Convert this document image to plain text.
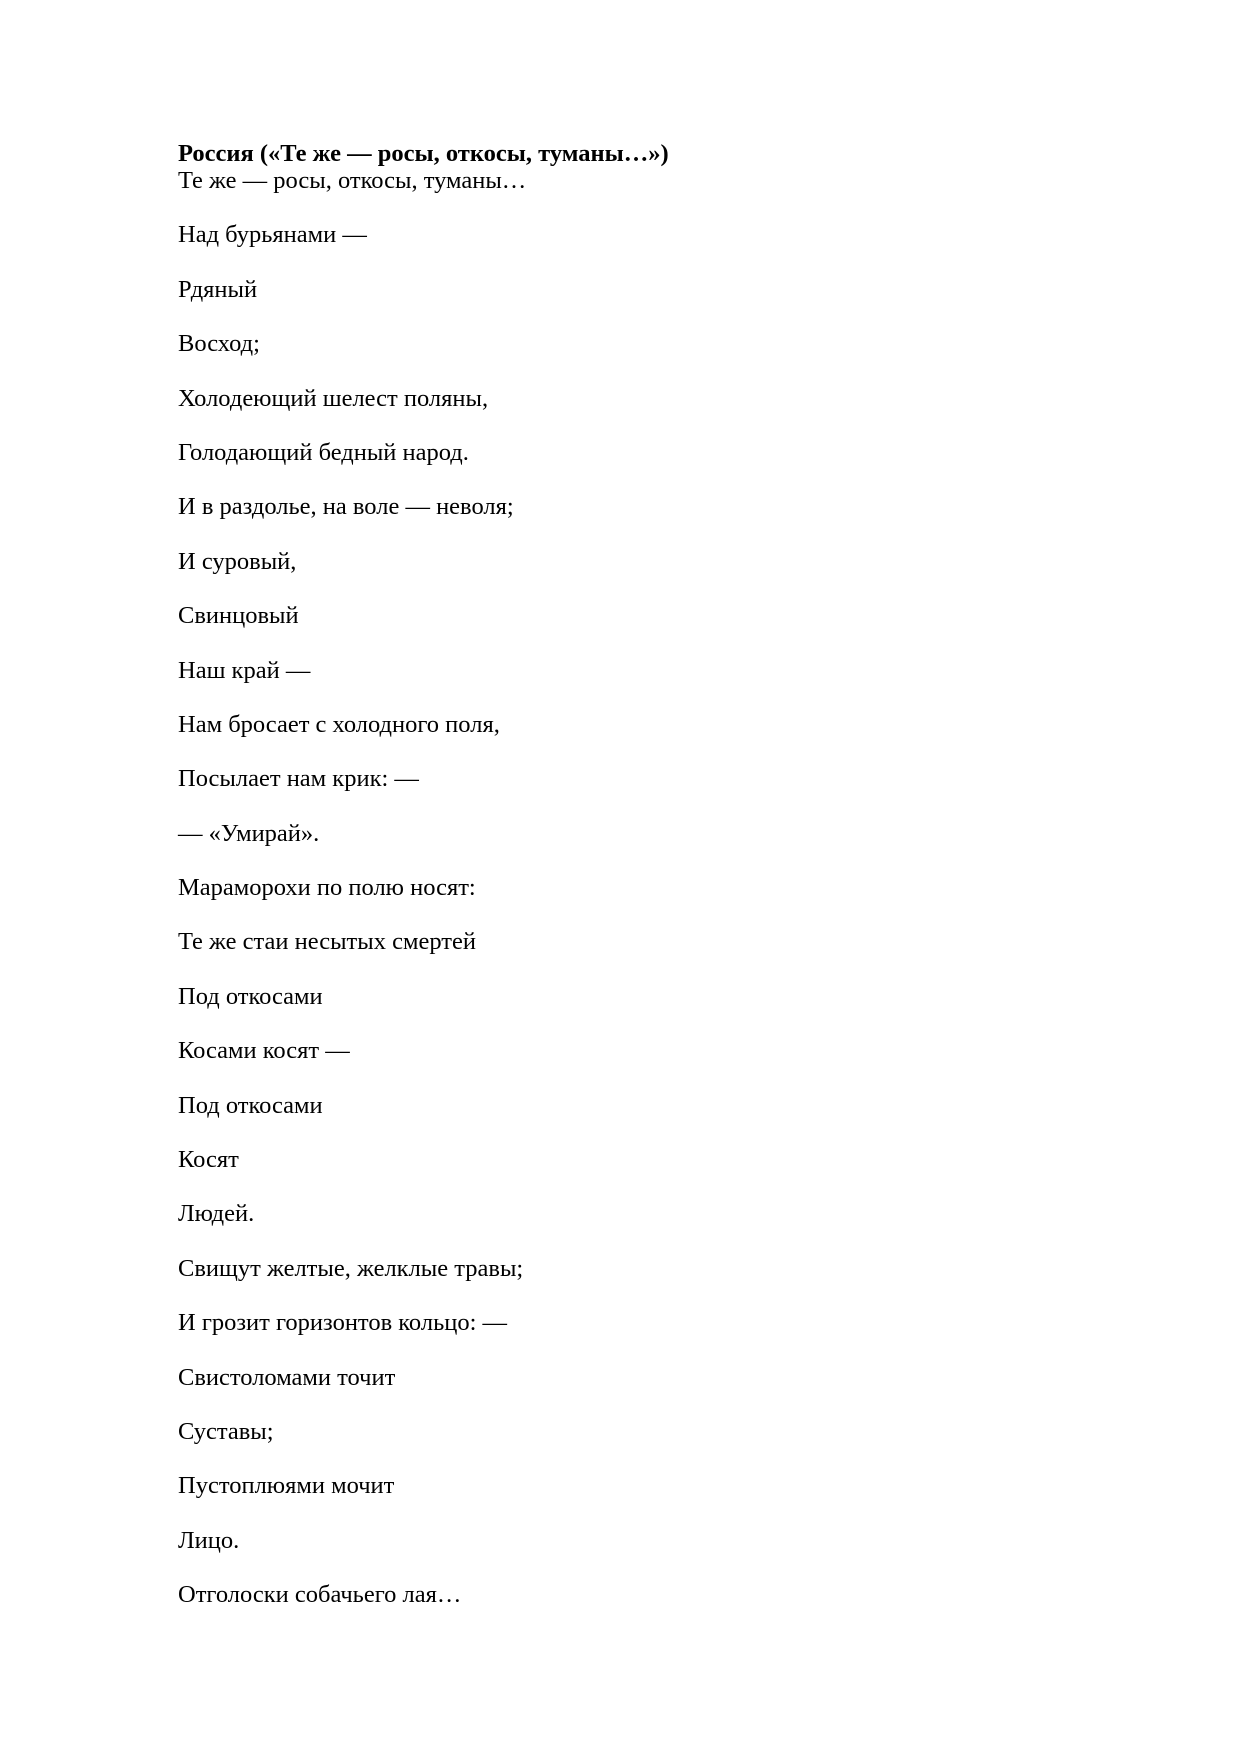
Россия («Те же — росы, откосы, туманы…»)
Те же — росы, откосы, туманы…
Над бурьянами —
Рдяный
Восход;
Холодеющий шелест поляны,
Голодающий бедный народ.
И в раздолье, на воле — неволя;
И суровый,
Свинцовый
Наш край —
Нам бросает с холодного поля,
Посылает нам крик: —
— «Умирай».
Мараморохи по полю носят:
Те же стаи несытых смертей
Под откосами
Косами косят —
Под откосами
Косят
Людей.
Свищут желтые, желклые травы;
И грозит горизонтов кольцо: —
Свистоломами точит
Суставы;
Пустоплюями мочит
Лицо.
Отголоски собачьего лая…
